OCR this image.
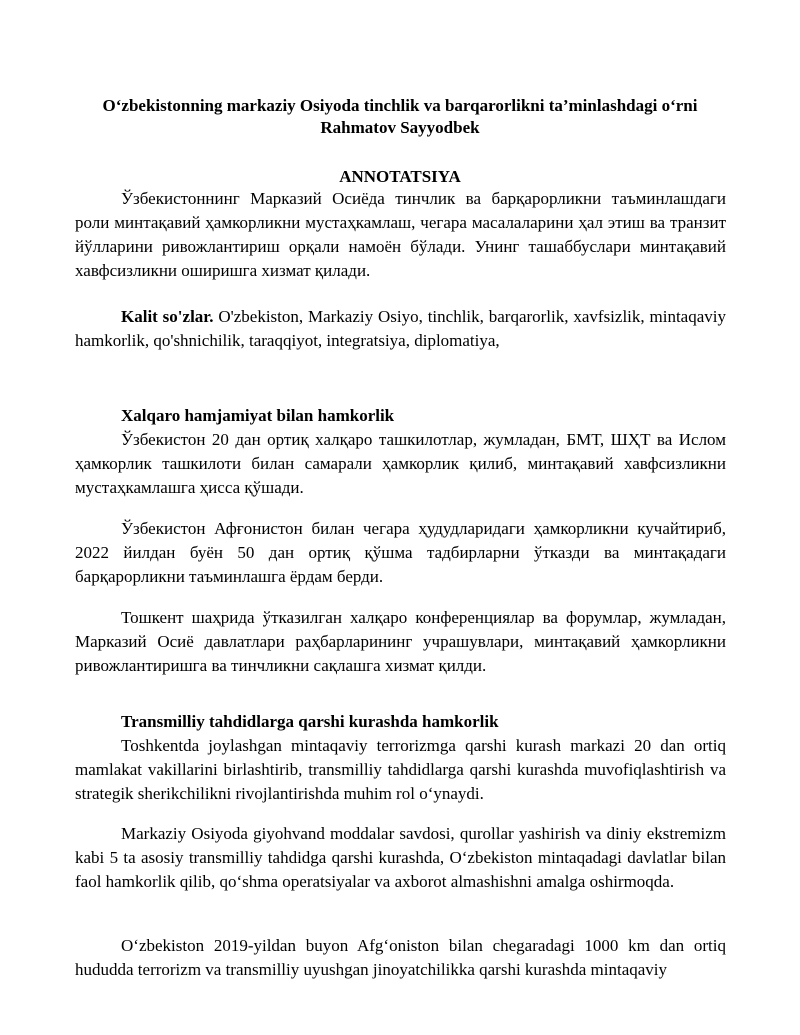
O‘zbekistonning markaziy Osiyoda tinchlik va barqarorlikni ta’minlashdagi o‘rni
Rahmatov Sayyodbek
ANNOTATSIYA

Ўзбекистоннинг Марказий Осиёда тинчлик ва барқарорликни таъминлашдаги роли минтақавий ҳамкорликни мустаҳкамлаш, чегара масалаларини ҳал этиш ва транзит йўлларини ривожлантириш орқали намоён бўлади. Унинг ташаббуслари минтақавий хавфсизликни оширишга хизмат қилади.

Kalit so'zlar. O'zbekiston, Markaziy Osiyo, tinchlik, barqarorlik, xavfsizlik, mintaqaviy hamkorlik, qo'shnichilik, taraqqiyot, integratsiya, diplomatiya,

Xalqaro hamjamiyat bilan hamkorlik

Ўзбекистон 20 дан ортиқ халқаро ташкилотлар, жумладан, БМТ, ШҲТ ва Ислом ҳамкорлик ташкилоти билан самарали ҳамкорлик қилиб, минтақавий хавфсизликни мустаҳкамлашга ҳисса қўшади.

Ўзбекистон Афғонистон билан чегара ҳудудларидаги ҳамкорликни кучайтириб, 2022 йилдан буён 50 дан ортиқ қўшма тадбирларни ўтказди ва минтақадаги барқарорликни таъминлашга ёрдам берди.

Тошкент шаҳрида ўтказилган халқаро конференциялар ва форумлар, жумладан, Марказий Осиё давлатлари раҳбарларининг учрашувлари, минтақавий ҳамкорликни ривожлантиришга ва тинчликни сақлашга хизмат қилди.

Transmilliy tahdidlarga qarshi kurashda hamkorlik

Toshkentda joylashgan mintaqaviy terrorizmga qarshi kurash markazi 20 dan ortiq mamlakat vakillarini birlashtirib, transmilliy tahdidlarga qarshi kurashda muvofiqlashtirish va strategik sherikchilikni rivojlantirishda muhim rol o‘ynaydi.

Markaziy Osiyoda giyohvand moddalar savdosi, qurollar yashirish va diniy ekstremizm kabi 5 ta asosiy transmilliy tahdidga qarshi kurashda, O‘zbekiston mintaqadagi davlatlar bilan faol hamkorlik qilib, qo‘shma operatsiyalar va axborot almashishni amalga oshirmoqda.

O‘zbekiston 2019-yildan buyon Afg‘oniston bilan chegaradagi 1000 km dan ortiq hududda terrorizm va transmilliy uyushgan jinoyatchilikka qarshi kurashda mintaqaviy
